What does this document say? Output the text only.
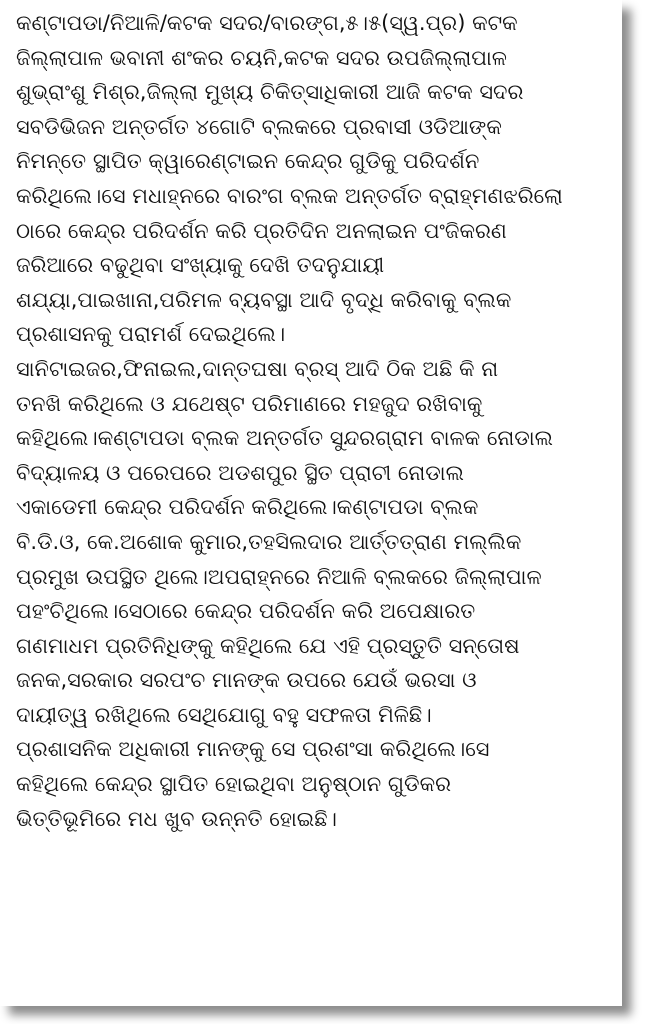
କଣ୍ଟାପଡା/ନିଆଳି/କଟକ ସଦର/ବାରଙ୍ଗ,୫।୫(ସ୍ୱ.ପ୍ର) କଟକ
ଜିଲ୍ଲାପାଳ ଭବାନୀ ଶଂକର ଚୟନି,କଟକ ସଦର ଉପଜିଲ୍ଲାପାଳ
ଶୁଭ୍ରାଂଶୁ ମିଶ୍ର,ଜିଲ୍ଲା ମୁଖ୍ୟ ଚିକିତ୍ସାଧିକାରୀ ଆଜି କଟକ ସଦର
ସବଡିଭିଜନ ଅନ୍ତର୍ଗତ ୪ଗୋଟି ବ୍ଲକରେ ପ୍ରବାସୀ ଓଡିଆଙ୍କ
ନିମନ୍ତେ ସ୍ଥାପିତ କ୍ୱାରେଣ୍ଟାଇନ କେନ୍ଦ୍ର ଗୁଡିକୁ ପରିଦର୍ଶନ
କରିଥିଲେ।ସେ ମଧାହ୍ନରେ ବାରଂଗ ବ୍ଲକ ଅନ୍ତର୍ଗତ ବ୍ରାହ୍ମଣଝରିଲୋ
ଠାରେ କେନ୍ଦ୍ର ପରିଦର୍ଶନ କରି ପ୍ରତିଦିନ ଅନଲାଇନ ପଂଜିକରଣ
ଜରିଆରେ ବଢୁଥିବା ସଂଖ୍ୟାକୁ ଦେଖି ତଦନୁଯାୟୀ
ଶଯ୍ୟା,ପାଇଖାନା,ପରିମଳ ବ୍ୟବସ୍ଥା ଆଦି ବୃଦ୍ଧି କରିବାକୁ ବ୍ଲକ
ପ୍ରଶାସନକୁ ପରାମର୍ଶ ଦେଇଥିଲେ।
ସାନିଟାଇଜର,ଫିନାଇଲ,ଦାନ୍ତଘଷା ବ୍ରସ୍ ଆଦି ଠିକ ଅଛି କି ନା
ତନଖି କରିଥିଲେ ଓ ଯଥେଷ୍ଟ ପରିମାଣରେ ମହଜୁଦ ରଖିବାକୁ
କହିଥିଲେ।କଣ୍ଟାପଡା ବ୍ଲକ ଅନ୍ତର୍ଗତ ସୁନ୍ଦରଗ୍ରାମ ବାଳକ ନୋଡାଲ
ବିଦ୍ୟାଳୟ ଓ ପରେପରେ ଅଡଶପୁର ସ୍ଥିତ ପ୍ରାଚୀ ନୋଡାଲ
ଏକାଡେମୀ କେନ୍ଦ୍ର ପରିଦର୍ଶନ କରିଥିଲେ।କଣ୍ଟାପଡା ବ୍ଲକ
ବି.ଡି.ଓ, କେ.ଅଶୋକ କୁମାର,ତହସିଲଦାର ଆର୍ତ୍ତତ୍ରାଣ ମଲ୍ଲିକ
ପ୍ରମୁଖ ଉପସ୍ଥିତ ଥିଲେ।ଅପରାହ୍ନରେ ନିଆଳି ବ୍ଲକରେ ଜିଲ୍ଲାପାଳ
ପହଂଚିଥିଲେ।ସେଠାରେ କେନ୍ଦ୍ର ପରିଦର୍ଶନ କରି ଅପେକ୍ଷାରତ
ଗଣମାଧମ ପ୍ରତିନିଧିଙ୍କୁ କହିଥିଲେ ଯେ ଏହି ପ୍ରସ୍ତୁତି ସନ୍ତୋଷ
ଜନକ,ସରକାର ସରପଂଚ ମାନଙ୍କ ଉପରେ ଯେଉଁ ଭରସା ଓ
ଦାୟୀତ୍ୱ ରଖିଥିଲେ ସେଥିଯୋଗୁ ବହୁ ସଫଳତା ମିଳିଛି।
ପ୍ରଶାସନିକ ଅଧିକାରୀ ମାନଙ୍କୁ ସେ ପ୍ରଶଂସା କରିଥିଲେ।ସେ
କହିଥିଲେ କେନ୍ଦ୍ର ସ୍ଥାପିତ ହୋଇଥିବା ଅନୁଷ୍ଠାନ ଗୁଡିକର
ଭିତ୍ତିଭୂମିରେ ମଧ ଖୁବ ଉନ୍ନତି ହୋଇଛି।
